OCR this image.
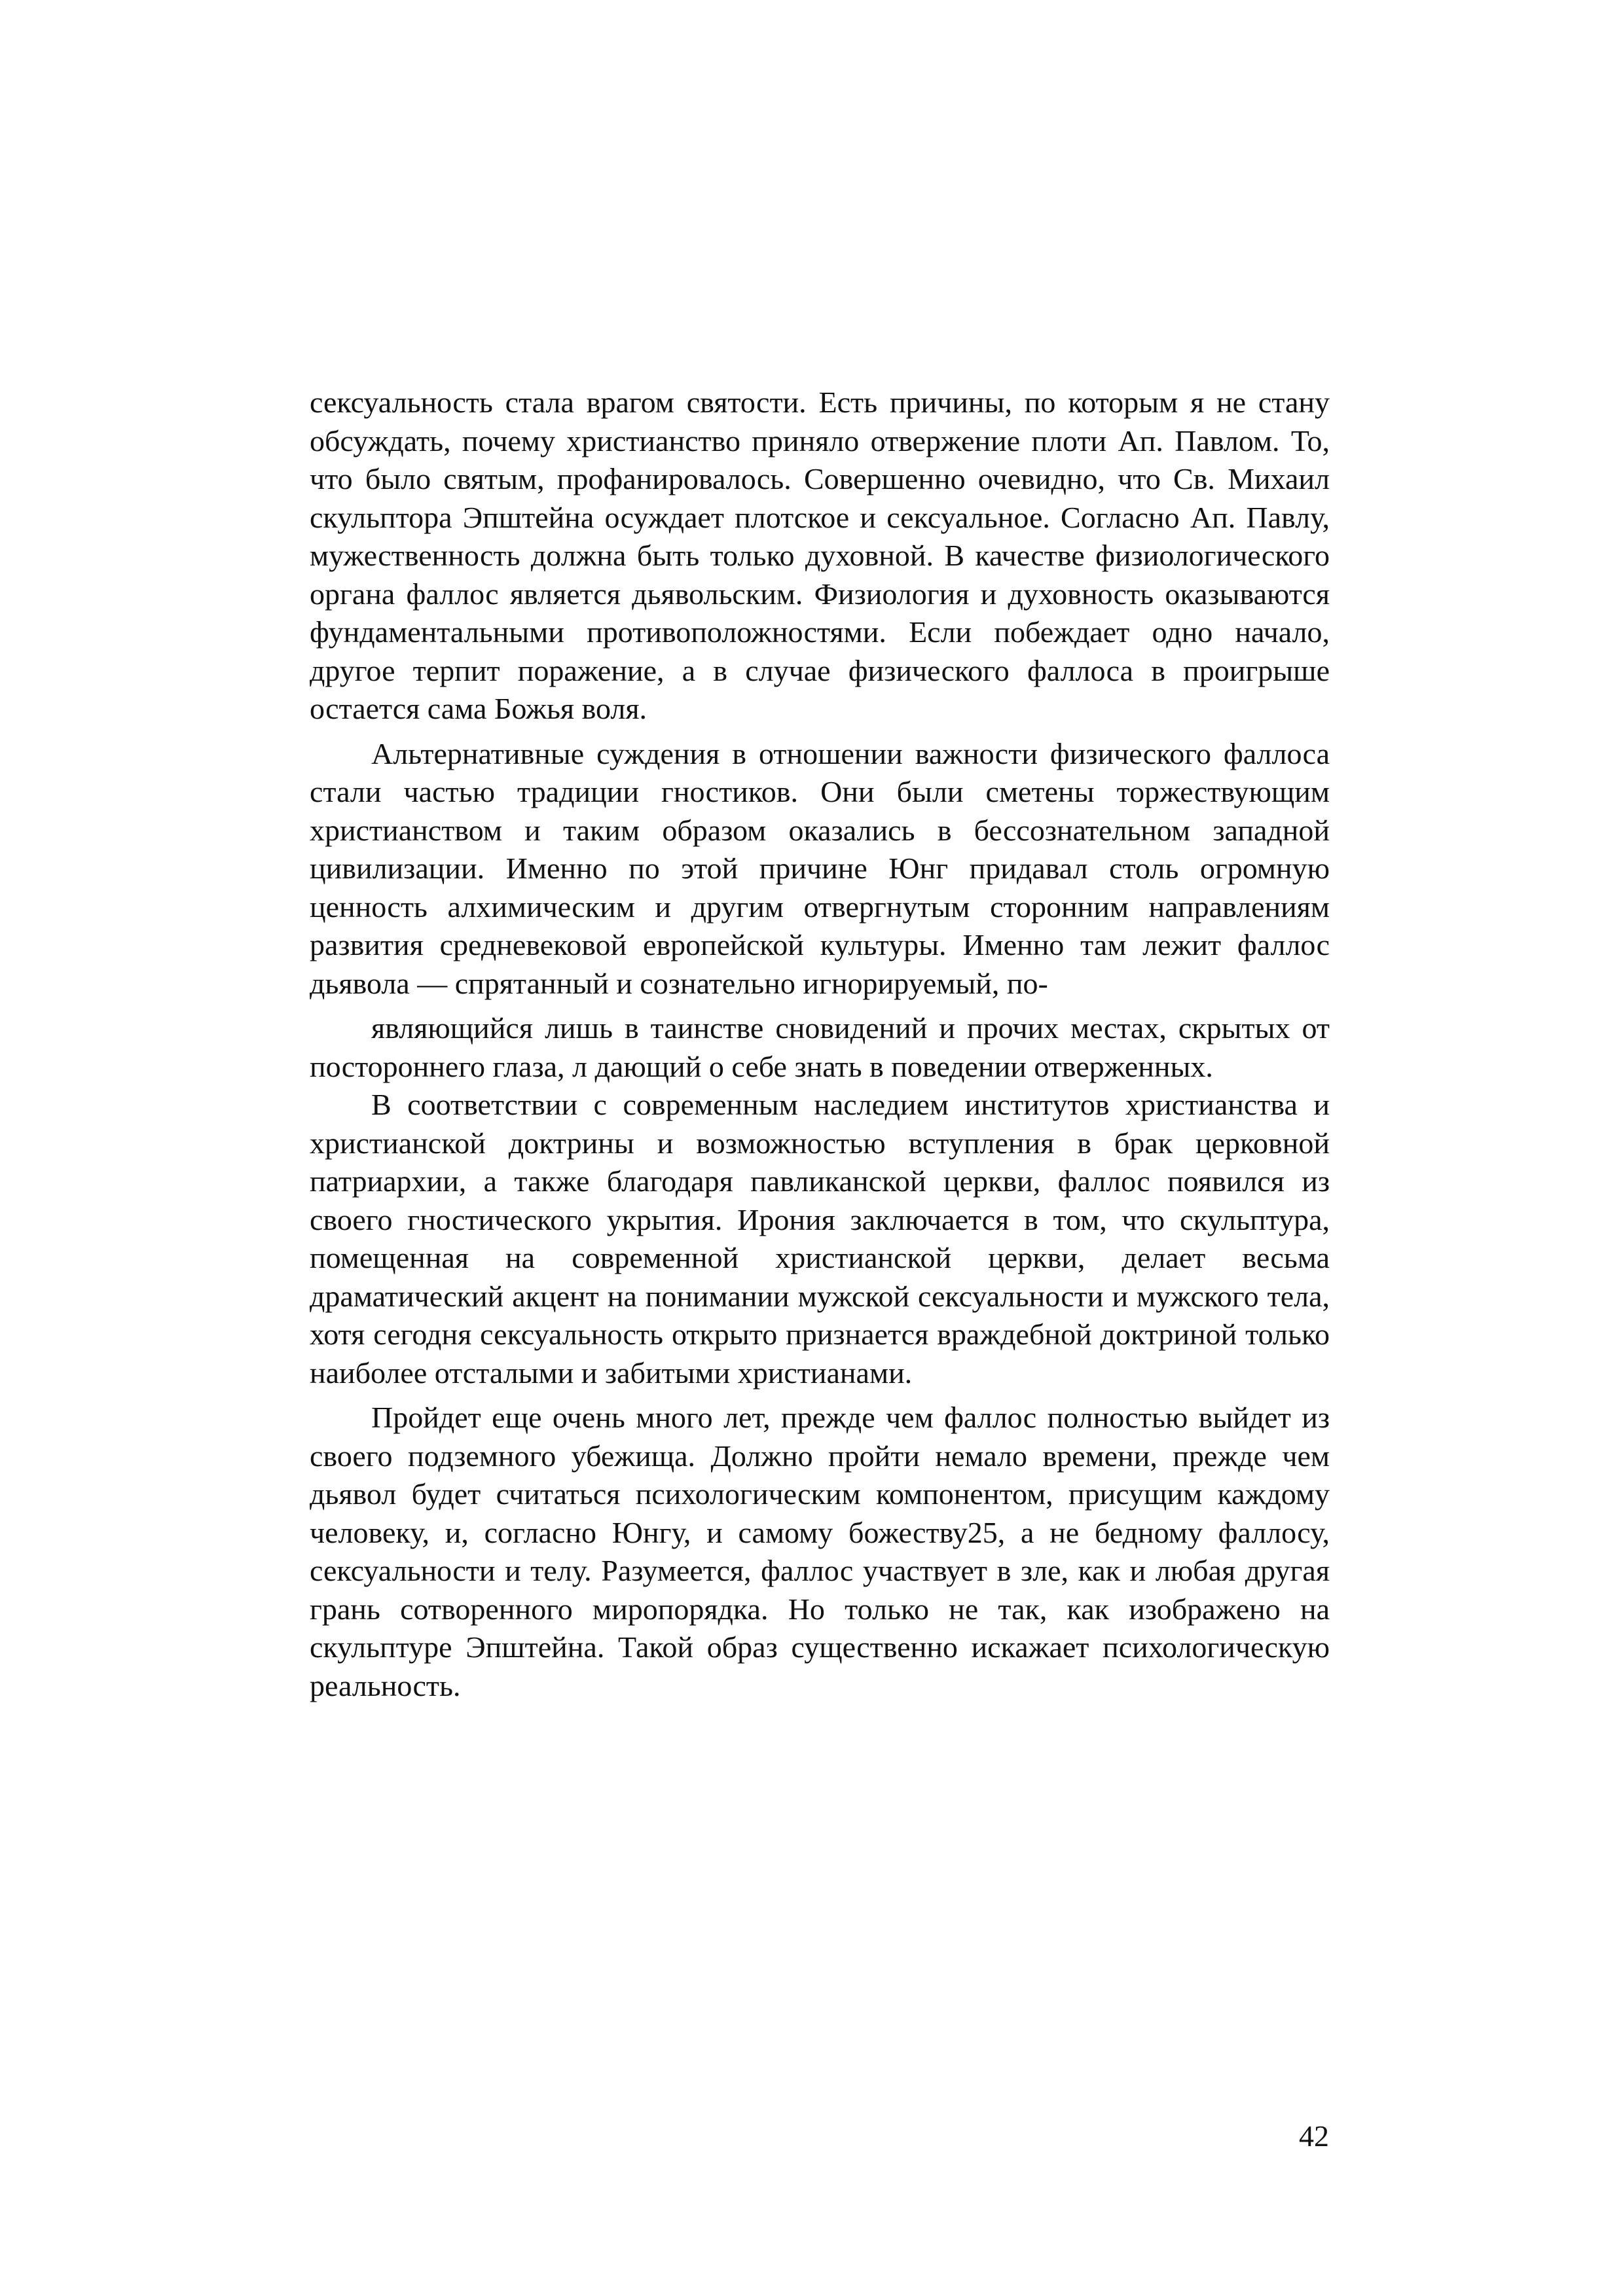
сексуальность стала врагом святости. Есть причины, по которым я не стану обсуждать, почему христианство приняло отвержение плоти Ап. Павлом. То, что было святым, профанировалось. Совершенно очевидно, что Св. Михаил скульптора Эпштейна осуждает плотское и сексуальное. Согласно Ап. Павлу, мужественность должна быть только духовной. В качестве физиологического органа фаллос является дьявольским. Физиология и духовность оказываются фундаментальными противоположностями. Если побеждает одно начало, другое терпит поражение, а в случае физического фаллоса в проигрыше остается сама Божья воля.

Альтернативные суждения в отношении важности физического фаллоса стали частью традиции гностиков. Они были сметены торжествующим христианством и таким образом оказались в бессознательном западной цивилизации. Именно по этой причине Юнг придавал столь огромную ценность алхимическим и другим отвергнутым сторонним направлениям развития средневековой европейской культуры. Именно там лежит фаллос дьявола — спрятанный и сознательно игнорируемый, по-

являющийся лишь в таинстве сновидений и прочих местах, скрытых от постороннего глаза, л дающий о себе знать в поведении отверженных.

В соответствии с современным наследием институтов христианства и христианской доктрины и возможностью вступления в брак церковной патриархии, а также благодаря павликанской церкви, фаллос появился из своего гностического укрытия. Ирония заключается в том, что скульптура, помещенная на современной христианской церкви, делает весьма драматический акцент на понимании мужской сексуальности и мужского тела, хотя сегодня сексуальность открыто признается враждебной доктриной только наиболее отсталыми и забитыми христианами.

Пройдет еще очень много лет, прежде чем фаллос полностью выйдет из своего подземного убежища. Должно пройти немало времени, прежде чем дьявол будет считаться психологическим компонентом, присущим каждому человеку, и, согласно Юнгу, и самому божеству25, а не бедному фаллосу, сексуальности и телу. Разумеется, фаллос участвует в зле, как и любая другая грань сотворенного миропорядка. Но только не так, как изображено на скульптуре Эпштейна. Такой образ существенно искажает психологическую реальность.

42
